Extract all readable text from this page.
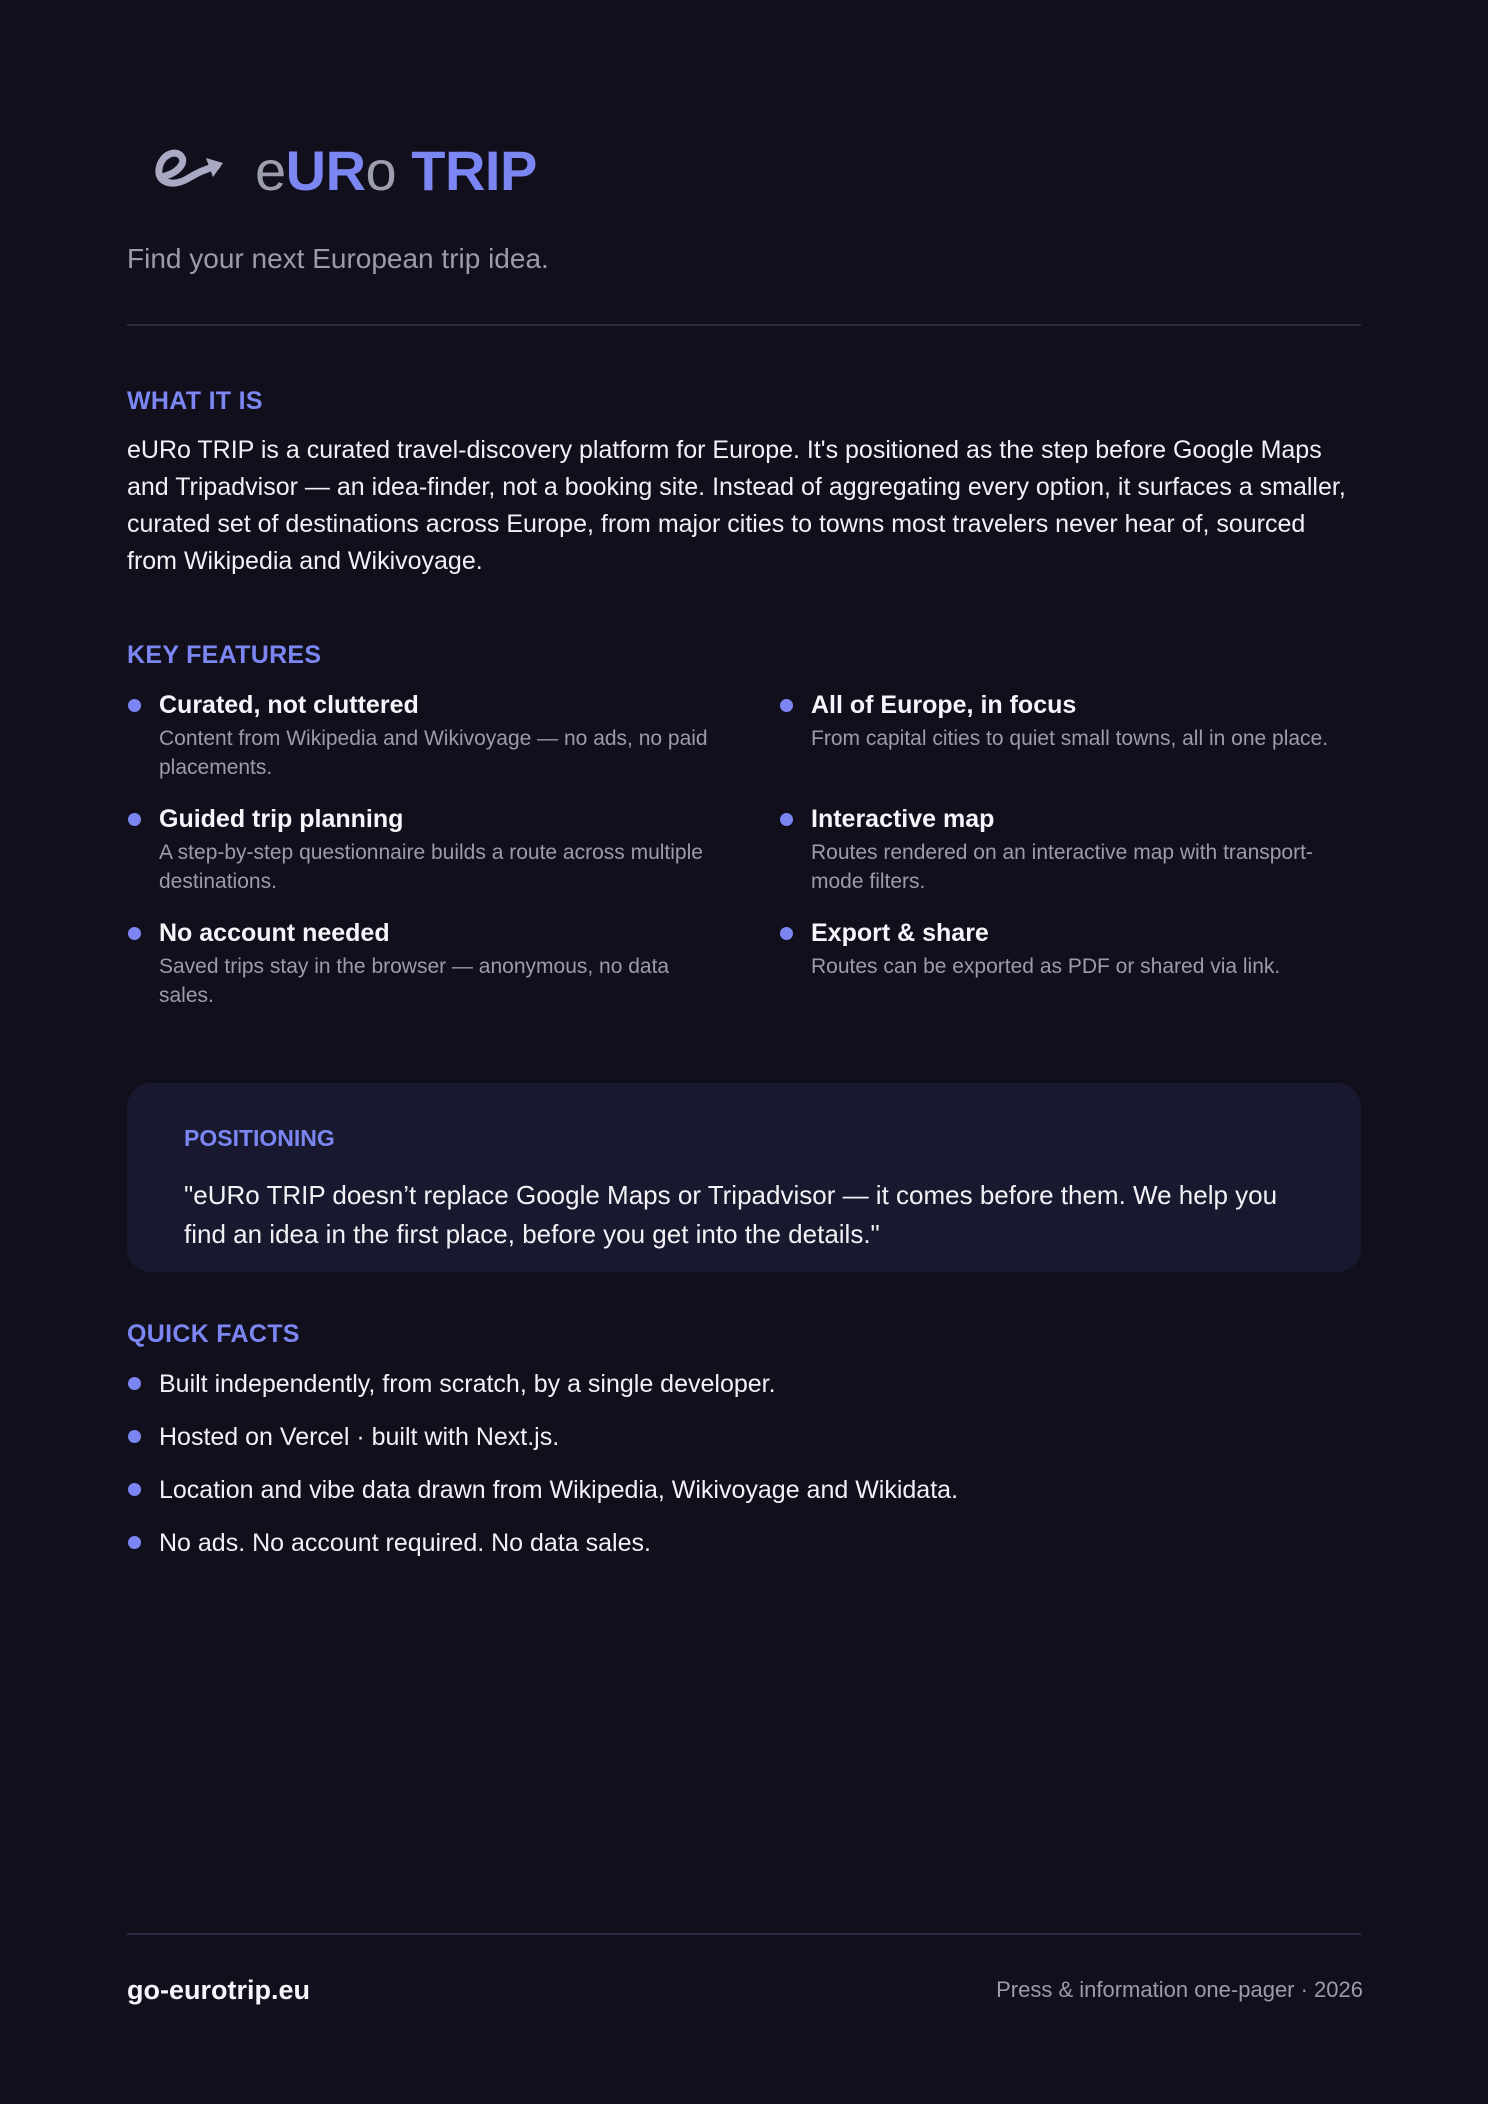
eURo TRIP

Find your next European trip idea.

WHAT IT IS

eURo TRIP is a curated travel-discovery platform for Europe. It's positioned as the step before Google Maps and Tripadvisor — an idea-finder, not a booking site. Instead of aggregating every option, it surfaces a smaller, curated set of destinations across Europe, from major cities to towns most travelers never hear of, sourced from Wikipedia and Wikivoyage.

KEY FEATURES

Curated, not cluttered

Content from Wikipedia and Wikivoyage — no ads, no paid placements.

All of Europe, in focus

From capital cities to quiet small towns, all in one place.

Guided trip planning

A step-by-step questionnaire builds a route across multiple destinations.

Interactive map

Routes rendered on an interactive map with transport-mode filters.

No account needed

Saved trips stay in the browser — anonymous, no data sales.

Export & share

Routes can be exported as PDF or shared via link.

POSITIONING

"eURo TRIP doesn’t replace Google Maps or Tripadvisor — it comes before them. We help you find an idea in the first place, before you get into the details."

QUICK FACTS
Built independently, from scratch, by a single developer.
Hosted on Vercel · built with Next.js.
Location and vibe data drawn from Wikipedia, Wikivoyage and Wikidata.
No ads. No account required. No data sales.

go-eurotrip.eu	Press & information one-pager · 2026
